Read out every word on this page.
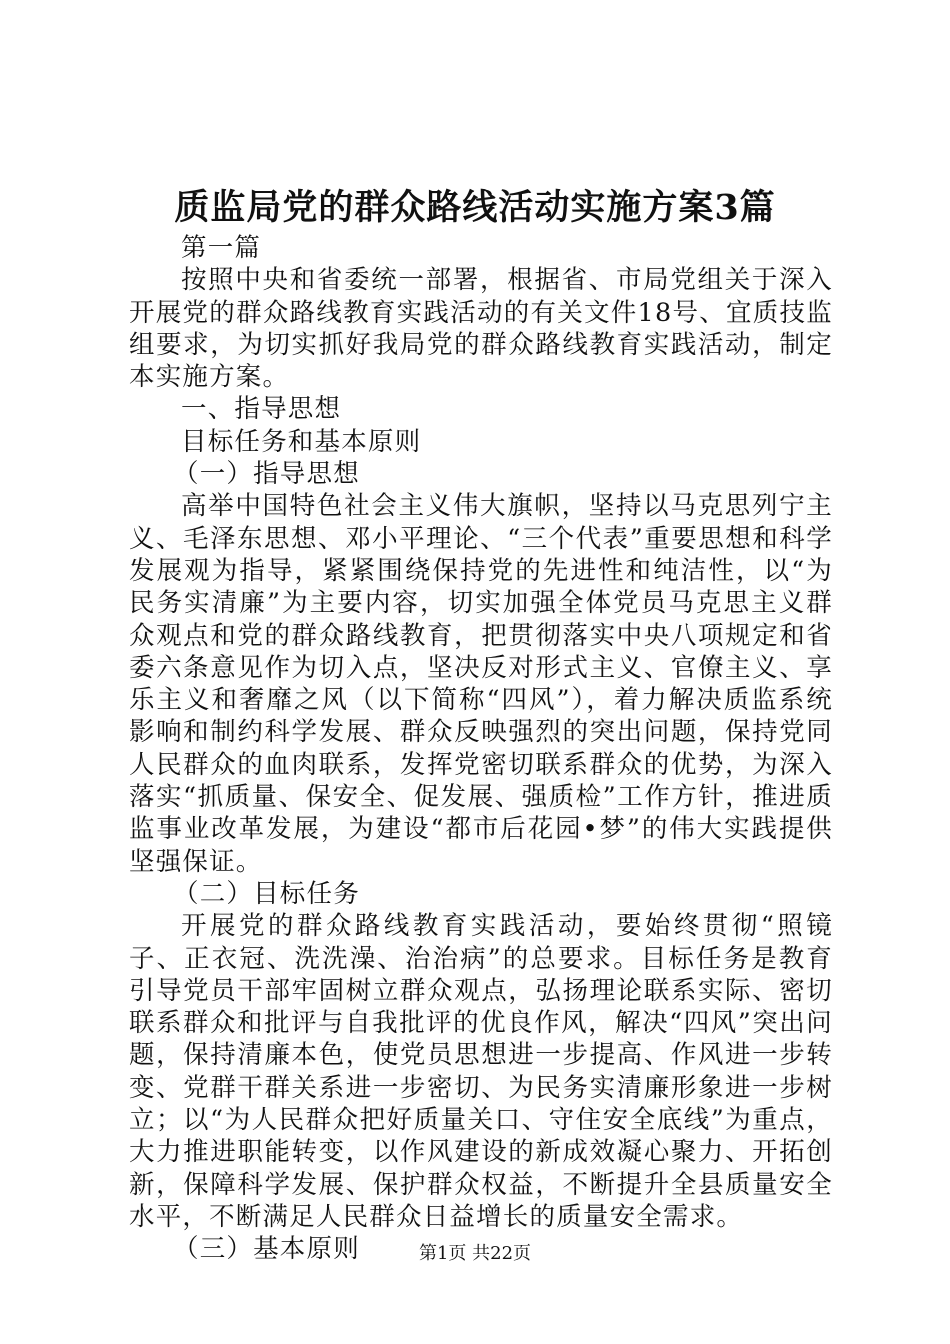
质监局党的群众路线活动实施方案3篇

第一篇

按照中央和省委统一部署，根据省、市局党组关于深入开展党的群众路线教育实践活动的有关文件18号、宜质技监组要求，为切实抓好我局党的群众路线教育实践活动，制定本实施方案。

一、指导思想

目标任务和基本原则

（一）指导思想

高举中国特色社会主义伟大旗帜，坚持以马克思列宁主义、毛泽东思想、邓小平理论、“三个代表”重要思想和科学发展观为指导，紧紧围绕保持党的先进性和纯洁性，以“为民务实清廉”为主要内容，切实加强全体党员马克思主义群众观点和党的群众路线教育，把贯彻落实中央八项规定和省委六条意见作为切入点，坚决反对形式主义、官僚主义、享乐主义和奢靡之风（以下简称“四风”），着力解决质监系统影响和制约科学发展、群众反映强烈的突出问题，保持党同人民群众的血肉联系，发挥党密切联系群众的优势，为深入落实“抓质量、保安全、促发展、强质检”工作方针，推进质监事业改革发展，为建设“都市后花园•梦”的伟大实践提供坚强保证。

（二）目标任务

开展党的群众路线教育实践活动，要始终贯彻“照镜子、正衣冠、洗洗澡、治治病”的总要求。目标任务是教育引导党员干部牢固树立群众观点，弘扬理论联系实际、密切联系群众和批评与自我批评的优良作风，解决“四风”突出问题，保持清廉本色，使党员思想进一步提高、作风进一步转变、党群干群关系进一步密切、为民务实清廉形象进一步树立；以“为人民群众把好质量关口、守住安全底线”为重点，大力推进职能转变，以作风建设的新成效凝心聚力、开拓创新，保障科学发展、保护群众权益，不断提升全县质量安全水平，不断满足人民群众日益增长的质量安全需求。

（三）基本原则	第1页 共22页
